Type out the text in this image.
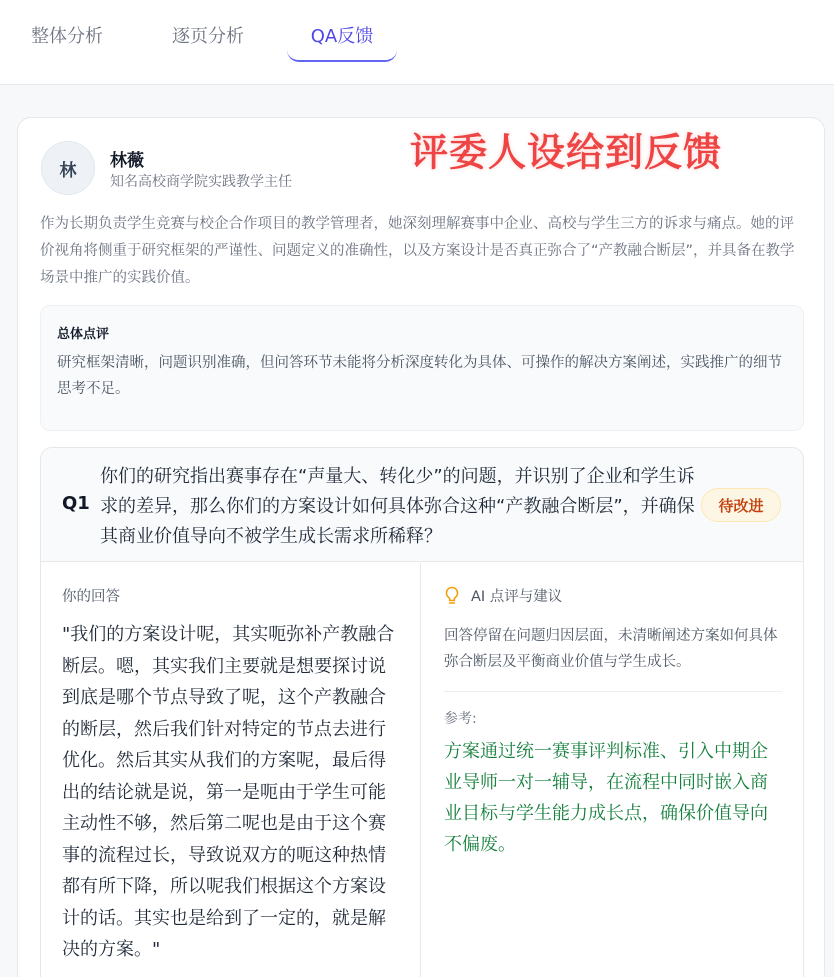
整体分析	逐页分析	QA反馈
林	林薇
知名高校商学院实践教学主任
评委人设给到反馈
作为长期负责学生竞赛与校企合作项目的教学管理者，她深刻理解赛事中企业、高校与学生三方的诉求与痛点。她的评价视角将侧重于研究框架的严谨性、问题定义的准确性，以及方案设计是否真正弥合了“产教融合断层”，并具备在教学场景中推广的实践价值。
总体点评
研究框架清晰，问题识别准确，但问答环节未能将分析深度转化为具体、可操作的解决方案阐述，实践推广的细节思考不足。
Q1
你们的研究指出赛事存在“声量大、转化少”的问题，并识别了企业和学生诉求的差异，那么你们的方案设计如何具体弥合这种“产教融合断层”，并确保其商业价值导向不被学生成长需求所稀释？
待改进
你的回答
"我们的方案设计呢，其实呃弥补产教融合断层。嗯，其实我们主要就是想要探讨说到底是哪个节点导致了呢，这个产教融合的断层，然后我们针对特定的节点去进行优化。然后其实从我们的方案呢，最后得出的结论就是说，第一是呃由于学生可能主动性不够，然后第二呢也是由于这个赛事的流程过长，导致说双方的呃这种热情都有所下降，所以呢我们根据这个方案设计的话。其实也是给到了一定的，就是解决的方案。"
AI 点评与建议
回答停留在问题归因层面，未清晰阐述方案如何具体弥合断层及平衡商业价值与学生成长。
参考:
方案通过统一赛事评判标准、引入中期企业导师一对一辅导，在流程中同时嵌入商业目标与学生能力成长点，确保价值导向不偏废。
